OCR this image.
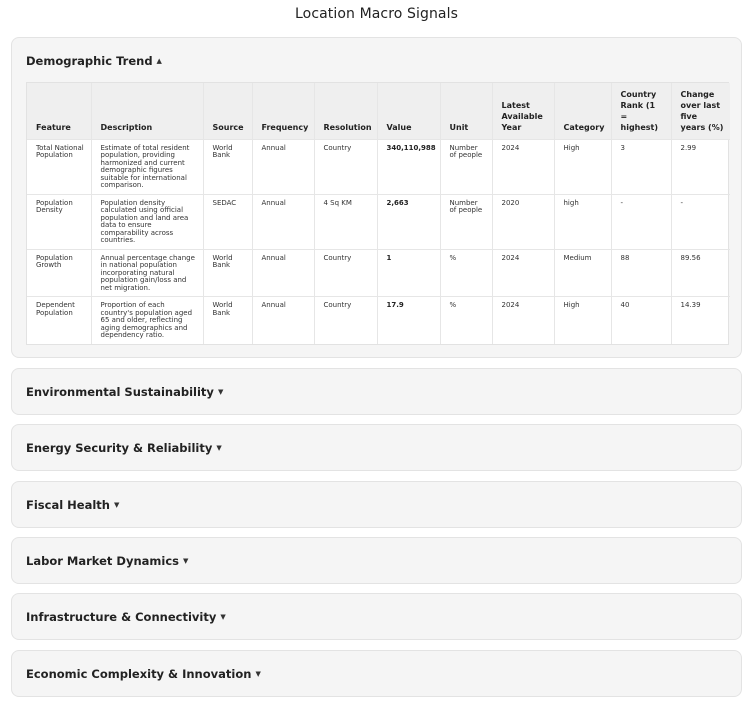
Location Macro Signals
Demographic Trend ▲
Feature	Description	Source	Frequency	Resolution	Value	Unit	Latest Available Year	Category	Country Rank (1 = highest)	Change over last five years (%)
Total National Population	Estimate of total resident population, providing harmonized and current demographic figures suitable for international comparison.	World Bank	Annual	Country	340,110,988	Number of people	2024	High	3	2.99
Population Density	Population density calculated using official population and land area data to ensure comparability across countries.	SEDAC	Annual	4 Sq KM	2,663	Number of people	2020	high	-	-
Population Growth	Annual percentage change in national population incorporating natural population gain/loss and net migration.	World Bank	Annual	Country	1	%	2024	Medium	88	89.56
Dependent Population	Proportion of each country's population aged 65 and older, reflecting aging demographics and dependency ratio.	World Bank	Annual	Country	17.9	%	2024	High	40	14.39
Environmental Sustainability ▼
Energy Security & Reliability ▼
Fiscal Health ▼
Labor Market Dynamics ▼
Infrastructure & Connectivity ▼
Economic Complexity & Innovation ▼
